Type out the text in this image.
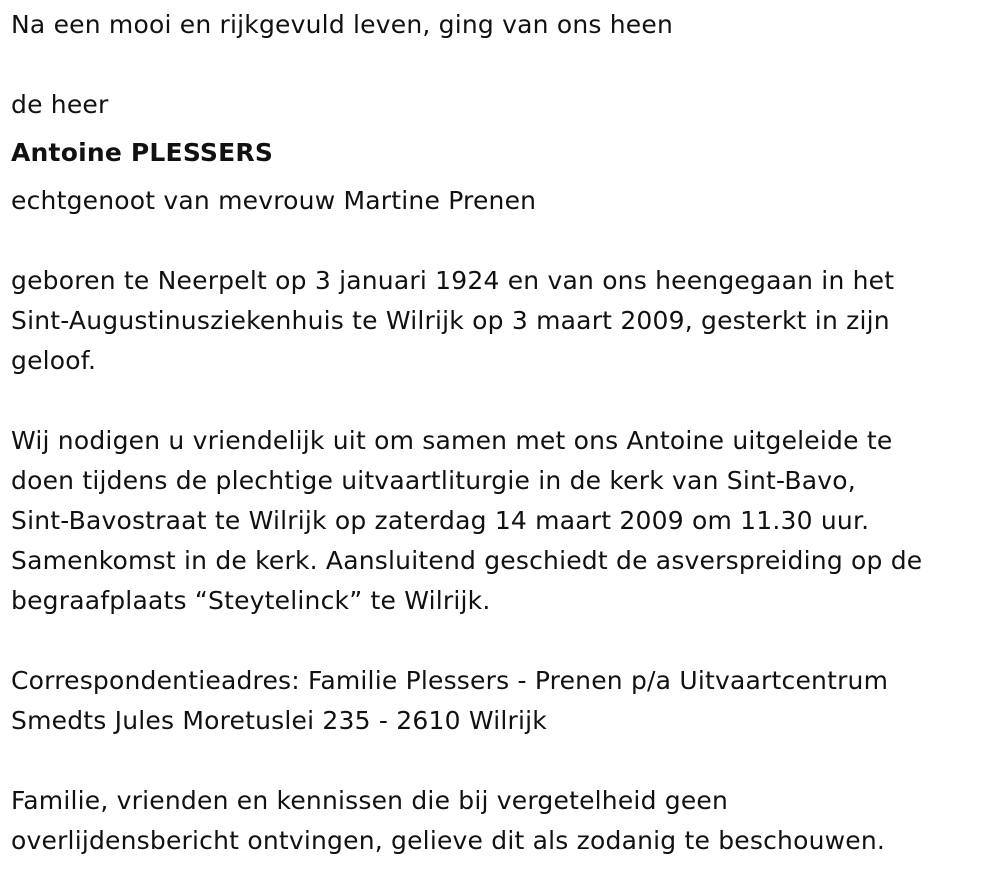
Na een mooi en rijkgevuld leven, ging van ons heen
de heer
Antoine PLESSERS
echtgenoot van mevrouw Martine Prenen
geboren te Neerpelt op 3 januari 1924 en van ons heengegaan in het
Sint-Augustinusziekenhuis te Wilrijk op 3 maart 2009, gesterkt in zijn
geloof.
Wij nodigen u vriendelijk uit om samen met ons Antoine uitgeleide te
doen tijdens de plechtige uitvaartliturgie in de kerk van Sint-Bavo,
Sint-Bavostraat te Wilrijk op zaterdag 14 maart 2009 om 11.30 uur.
Samenkomst in de kerk. Aansluitend geschiedt de asverspreiding op de
begraafplaats “Steytelinck” te Wilrijk.
Correspondentieadres: Familie Plessers - Prenen p/a Uitvaartcentrum
Smedts Jules Moretuslei 235 - 2610 Wilrijk
Familie, vrienden en kennissen die bij vergetelheid geen
overlijdensbericht ontvingen, gelieve dit als zodanig te beschouwen.
